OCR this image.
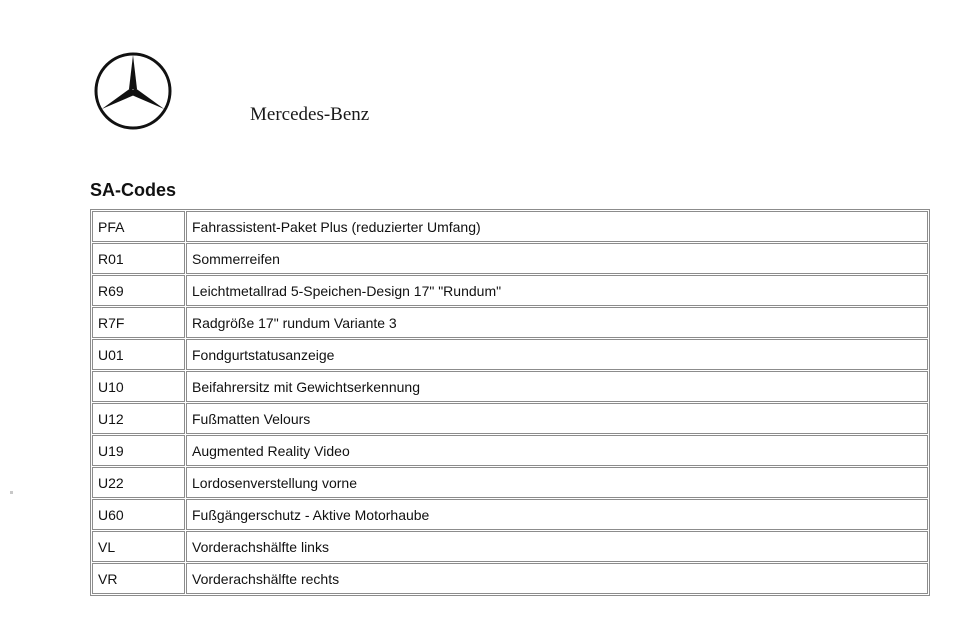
Mercedes-Benz
SA-Codes
PFA	Fahrassistent-Paket Plus (reduzierter Umfang)
R01	Sommerreifen
R69	Leichtmetallrad 5-Speichen-Design 17" "Rundum"
R7F	Radgröße 17" rundum Variante 3
U01	Fondgurtstatusanzeige
U10	Beifahrersitz mit Gewichtserkennung
U12	Fußmatten Velours
U19	Augmented Reality Video
U22	Lordosenverstellung vorne
U60	Fußgängerschutz - Aktive Motorhaube
VL	Vorderachshälfte links
VR	Vorderachshälfte rechts
